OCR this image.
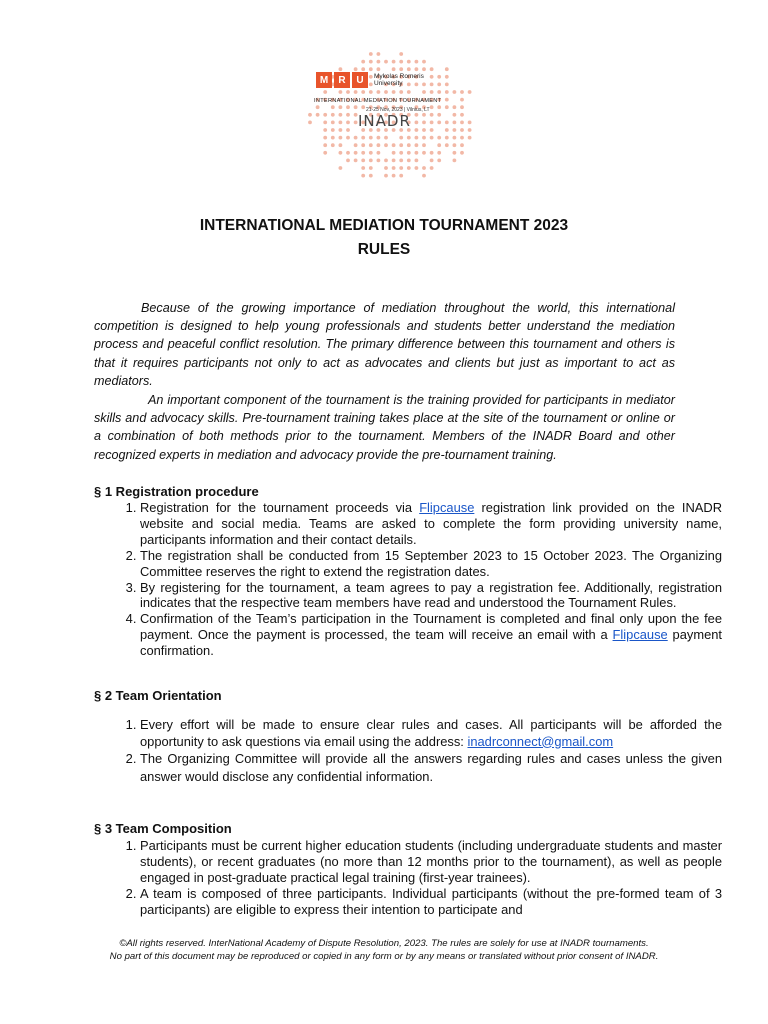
M	R	U	Mykolas Romeris University
INTERNATIONAL MEDIATION TOURNAMENT
21-25 Nov, 2023 | Vilnius, LT
INADR
INTERNATIONAL MEDIATION TOURNAMENT 2023
RULES

Because of the growing importance of mediation throughout the world, this international competition is designed to help young professionals and students better understand the mediation process and peaceful conflict resolution. The primary difference between this tournament and others is that it requires participants not only to act as advocates and clients but just as important to act as mediators.

An important component of the tournament is the training provided for participants in mediator skills and advocacy skills. Pre-tournament training takes place at the site of the tournament or online or a combination of both methods prior to the tournament. Members of the INADR Board and other recognized experts in mediation and advocacy provide the pre-tournament training.

§ 1 Registration procedure

1. Registration for the tournament proceeds via Flipcause registration link provided on the INADR website and social media. Teams are asked to complete the form providing university name, participants information and their contact details.
2. The registration shall be conducted from 15 September 2023 to 15 October 2023. The Organizing Committee reserves the right to extend the registration dates.
3. By registering for the tournament, a team agrees to pay a registration fee. Additionally, registration indicates that the respective team members have read and understood the Tournament Rules.
4. Confirmation of the Team’s participation in the Tournament is completed and final only upon the fee payment. Once the payment is processed, the team will receive an email with a Flipcause payment confirmation.

§ 2 Team Orientation

1. Every effort will be made to ensure clear rules and cases. All participants will be afforded the opportunity to ask questions via email using the address: inadrconnect@gmail.com
2. The Organizing Committee will provide all the answers regarding rules and cases unless the given answer would disclose any confidential information.

§ 3 Team Composition

1. Participants must be current higher education students (including undergraduate students and master students), or recent graduates (no more than 12 months prior to the tournament), as well as people engaged in post-graduate practical legal training (first-year trainees).
2. A team is composed of three participants. Individual participants (without the pre-formed team of 3 participants) are eligible to express their intention to participate and
©All rights reserved. InterNational Academy of Dispute Resolution, 2023. The rules are solely for use at INADR tournaments.
No part of this document may be reproduced or copied in any form or by any means or translated without prior consent of INADR.
